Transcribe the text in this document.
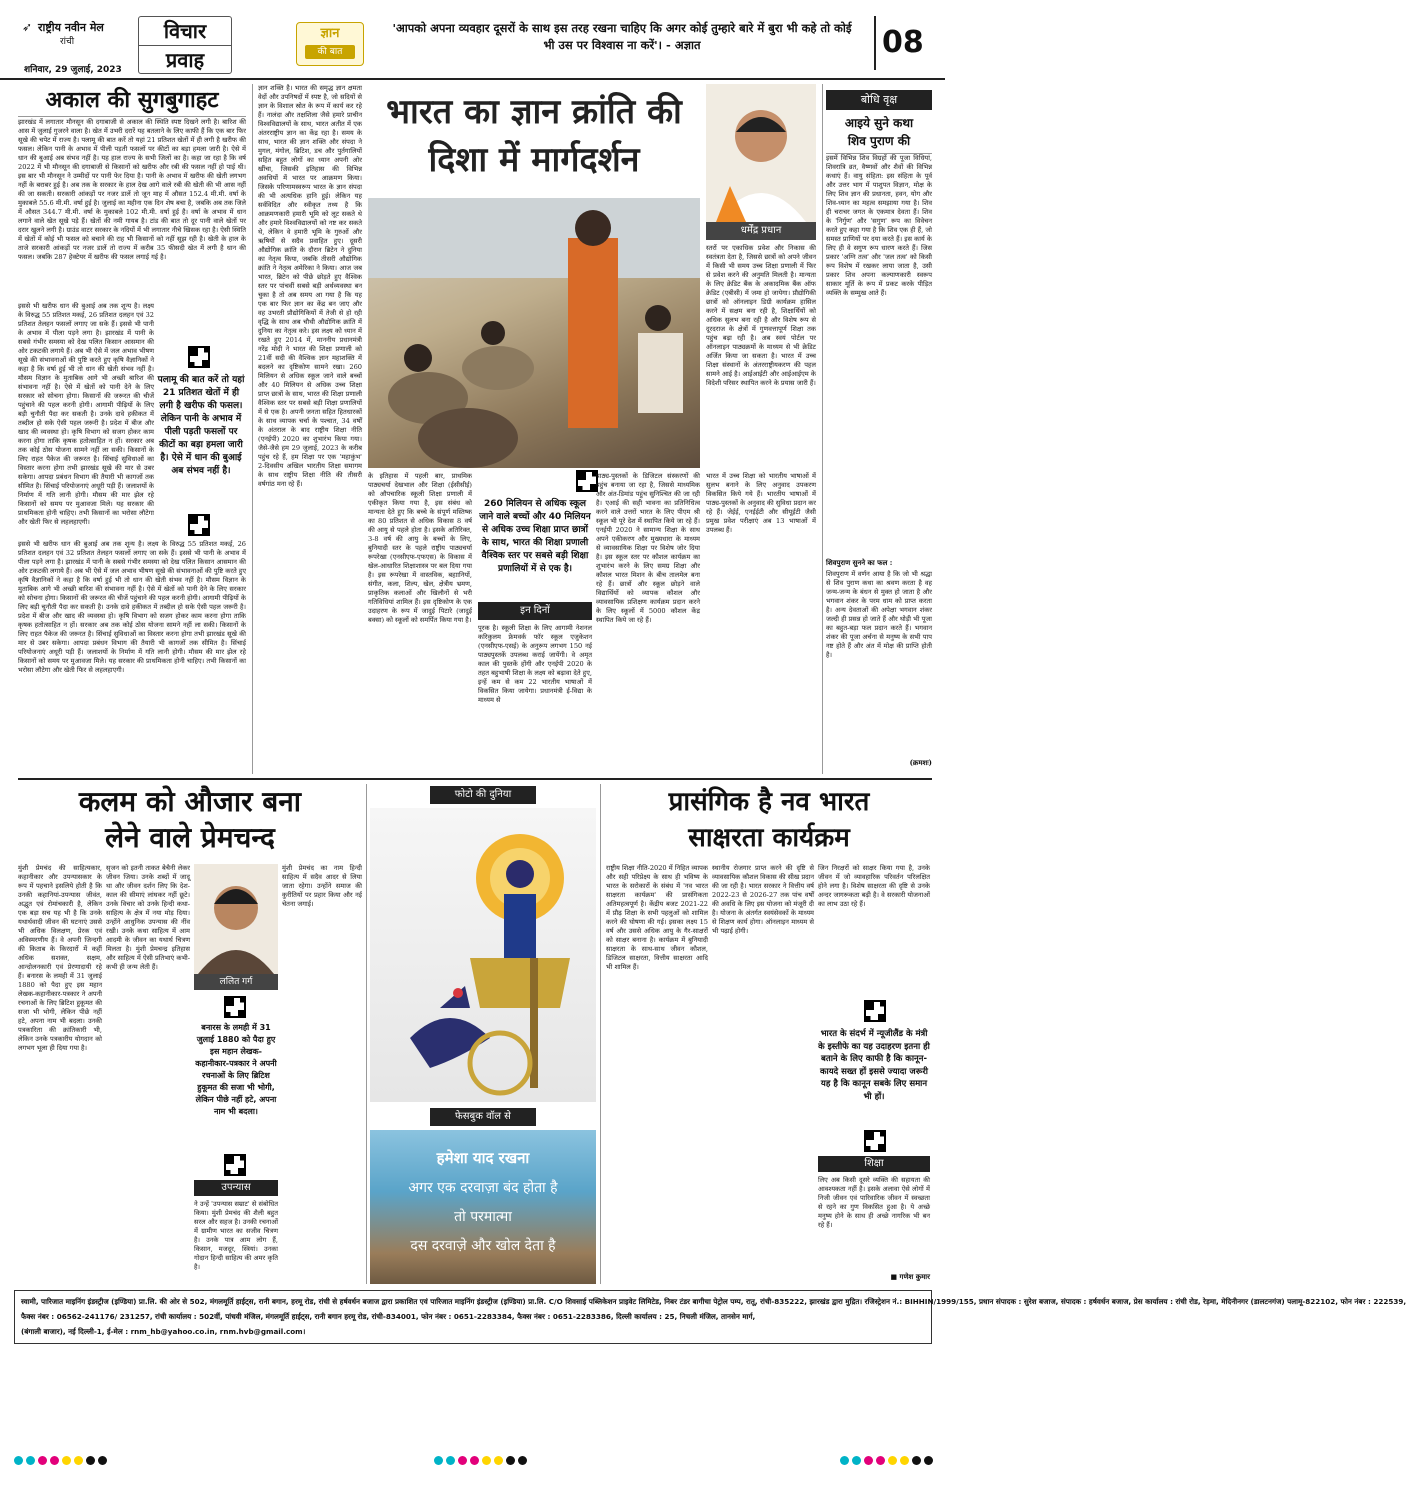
➶ राष्ट्रीय नवीन मेल
रांची
शनिवार, 29 जुलाई, 2023
विचार
प्रवाह
ज्ञान
की बात
'आपको अपना व्यवहार दूसरों के साथ इस तरह रखना चाहिए कि अगर कोई तुम्हारे बारे में बुरा भी कहे तो कोई भी उस पर विश्वास ना करें'। - अज्ञात	08
अकाल की सुगबुगाहट
झारखंड में लगातार मौनसून की दगाबाजी से अकाल की स्थिति स्पष्ट दिखने लगी है। बारिश की आस में जुलाई गुजरने वाला है। खेत में उभरी दरारें यह बतलाने के लिए काफी हैं कि एक बार फिर सूखे की चपेट में राज्य है। पलामू की बात करें तो यहां 21 प्रतिशत खेतों में ही लगी है खरीफ की फसल। लेकिन पानी के अभाव में पीली पड़ती फसलों पर कीटों का बड़ा हमला जारी है। ऐसे में धान की बुआई अब संभव नहीं है। यह हाल राज्य के सभी जिलों का है। कहा जा रहा है कि वर्ष 2022 में भी मौनसून की दगाबाजी से किसानों को खरीफ और रबी की फसल नहीं हो पाई थी। इस बार भी मौनसून ने उम्मीदों पर पानी फेर दिया है। पानी के अभाव में खरीफ की खेती लगभग नहीं के बराबर हुई है। अब तक के सरकार के हाल देख आगे वाले रबी की खेती की भी आस नहीं की जा सकती। सरकारी आंकड़ों पर नजर डालें तो जून माह में औसत 152.4 मी.मी. वर्षा के मुकाबले 55.6 मी.मी. वर्षा हुई है। जुलाई का महीना एक दिन शेष बचा है, जबकि अब तक जिले में औसत 344.7 मी.मी. वर्षा के मुकाबले 102 मी.मी. वर्षा हुई है। वर्षा के अभाव में धान लगाने वाले खेत सूखे पड़े हैं। खेतों की नमी गायब है। टांड की बात तो दूर पानी वाले खेतों पर दरार खुलने लगी है। ग्राउंड वाटर सरकार के नदियों में भी लगातार नीचे खिसक रहा है। ऐसी स्थिति में खेतों में कोई भी फसल को बचाने की राह भी किसानों को नहीं सूझ रही है। खेती के हाल के ताजे सरकारी आंकड़ों पर नजर डालें तो राज्य में करीब 35 फीसदी खेत में लगी है धान की फसल। जबकि 287 हेक्टेयर में खरीफ की फसल लगाई गई है।
इससे भी खरीफ धान की बुआई अब तक शून्य है। लक्ष्य के विरुद्ध 55 प्रतिशत मकई, 26 प्रतिशत दलहन एवं 32 प्रतिशत तेलहन फसलों लगाए जा सके हैं। इससे भी पानी के अभाव में पीला पड़ने लगा है। झारखंड में पानी के सबसे गंभीर समस्या को देख पलित किसान आसमान की ओर टकटकी लगाये हैं। अब भी ऐसे में जल अभाव भीषण सूखे की संभावनाओं की पुष्टि करते हुए कृषि वैज्ञानिकों ने कहा है कि वर्षा हुई भी तो धान की खेती संभव नहीं है। मौसम विज्ञान के मुताबिक आगे भी अच्छी बारिश की संभावना नहीं है। ऐसे में खेतों को पानी देने के लिए सरकार को सोचना होगा। किसानों की जरूरत की चीजें पहुंचाने की पहल करनी होगी। आगामी पीढ़ियों के लिए बड़ी चुनौती पैदा कर सकती है। उनके दावे हकीकत में तब्दील हो सके ऐसी पहल जरूरी है। प्रदेश में बीज और खाद की व्यवस्था हो। कृषि विभाग को सजग होकर काम करना होगा ताकि कृषक हतोत्साहित न हों। सरकार अब तक कोई ठोस योजना सामने नहीं ला सकी। किसानों के लिए राहत पैकेज की जरूरत है। सिंचाई सुविधाओं का विस्तार करना होगा तभी झारखंड सूखे की मार से उबर सकेगा। आपदा प्रबंधन विभाग की तैयारी भी कागजों तक सीमित है। सिंचाई परियोजनाएं अधूरी पड़ी हैं। जलाशयों के निर्माण में गति लानी होगी। मौसम की मार झेल रहे किसानों को समय पर मुआवजा मिले। यह सरकार की प्राथमिकता होनी चाहिए। तभी किसानों का भरोसा लौटेगा और खेती फिर से लहलहाएगी।
पलामू की बात करें तो यहां 21 प्रतिशत खेतों में ही लगी है खरीफ की फसल। लेकिन पानी के अभाव में पीली पड़ती फसलों पर कीटों का बड़ा हमला जारी है। ऐसे में धान की बुआई अब संभव नहीं है।
इससे भी खरीफ धान की बुआई अब तक शून्य है। लक्ष्य के विरुद्ध 55 प्रतिशत मकई, 26 प्रतिशत दलहन एवं 32 प्रतिशत तेलहन फसलों लगाए जा सके हैं। इससे भी पानी के अभाव में पीला पड़ने लगा है। झारखंड में पानी के सबसे गंभीर समस्या को देख पलित किसान आसमान की ओर टकटकी लगाये हैं। अब भी ऐसे में जल अभाव भीषण सूखे की संभावनाओं की पुष्टि करते हुए कृषि वैज्ञानिकों ने कहा है कि वर्षा हुई भी तो धान की खेती संभव नहीं है। मौसम विज्ञान के मुताबिक आगे भी अच्छी बारिश की संभावना नहीं है। ऐसे में खेतों को पानी देने के लिए सरकार को सोचना होगा। किसानों की जरूरत की चीजें पहुंचाने की पहल करनी होगी। आगामी पीढ़ियों के लिए बड़ी चुनौती पैदा कर सकती है। उनके दावे हकीकत में तब्दील हो सके ऐसी पहल जरूरी है। प्रदेश में बीज और खाद की व्यवस्था हो। कृषि विभाग को सजग होकर काम करना होगा ताकि कृषक हतोत्साहित न हों। सरकार अब तक कोई ठोस योजना सामने नहीं ला सकी। किसानों के लिए राहत पैकेज की जरूरत है। सिंचाई सुविधाओं का विस्तार करना होगा तभी झारखंड सूखे की मार से उबर सकेगा। आपदा प्रबंधन विभाग की तैयारी भी कागजों तक सीमित है। सिंचाई परियोजनाएं अधूरी पड़ी हैं। जलाशयों के निर्माण में गति लानी होगी। मौसम की मार झेल रहे किसानों को समय पर मुआवजा मिले। यह सरकार की प्राथमिकता होनी चाहिए। तभी किसानों का भरोसा लौटेगा और खेती फिर से लहलहाएगी।
ज्ञान शक्ति है। भारत की समृद्ध ज्ञान क्षमता वेदों और उपनिषदों में स्पष्ट है, जो सदियों से ज्ञान के विशाल स्रोत के रूप में कार्य कर रहे हैं। नालंदा और तक्षशिला जैसे हमारे प्राचीन विश्वविद्यालयों के साथ, भारत अतीत में एक अंतरराष्ट्रीय ज्ञान का केंद्र रहा है। समय के साथ, भारत की ज्ञान शक्ति और संपदा ने मुगल, मंगोल, ब्रिटिश, डच और पुर्तगालियों सहित बहुत लोगों का ध्यान अपनी ओर खींचा, जिसकी इतिहास की विभिन्न अवधियों में भारत पर आक्रमण किया। जिसके परिणामस्वरूप भारत के ज्ञान संपदा की भी अत्यधिक हानि हुई। लेकिन यह सर्वविदित और स्वीकृत तथ्य है कि आक्रमणकारी हमारी भूमि को लूट सकते थे और हमारे विश्वविद्यालयों को नष्ट कर सकते थे, लेकिन वे हमारी भूमि के गुरुओं और ऋषियों से सदैव प्रवाहित हुए। दूसरी औद्योगिक क्रांति के दौरान ब्रिटेन ने दुनिया का नेतृत्व किया, जबकि तीसरी औद्योगिक क्रांति ने नेतृत्व अमेरिका ने किया। आज जब भारत, ब्रिटेन को पीछे छोड़ते हुए वैश्विक स्तर पर पांचवीं सबसे बड़ी अर्थव्यवस्था बन चुका है तो अब समय आ गया है कि यह एक बार फिर ज्ञान का केंद्र बन जाए और वह उभरती प्रौद्योगिकियों में तेजी से हो रही वृद्धि के साथ अब चौथी औद्योगिक क्रांति में दुनिया का नेतृत्व करे। इस लक्ष्य को ध्यान में रखते हुए 2014 में, माननीय प्रधानमंत्री नरेंद्र मोदी ने भारत की शिक्षा प्रणाली को 21वीं सदी की वैश्विक ज्ञान महाशक्ति में बदलने का दृष्टिकोण सामने रखा। 260 मिलियन से अधिक स्कूल जाने वाले बच्चों और 40 मिलियन से अधिक उच्च शिक्षा प्राप्त छात्रों के साथ, भारत की शिक्षा प्रणाली वैश्विक स्तर पर सबसे बड़ी शिक्षा प्रणालियों में से एक है। अपनी जनता सहित हितधारकों के साथ व्यापक चर्चा के पश्चात, 34 वर्षों के अंतराल के बाद राष्ट्रीय शिक्षा नीति (एनईपी) 2020 का शुभारंभ किया गया। जैसे-जैसे हम 29 जुलाई, 2023 के करीब पहुंच रहे हैं, हम शिक्षा पर एक 'महाकुंभ' 2-दिवसीय अखिल भारतीय शिक्षा समागम के साथ राष्ट्रीय शिक्षा नीति की तीसरी वर्षगांठ मना रहे हैं।
भारत का ज्ञान क्रांति की दिशा में मार्गदर्शन
धर्मेंद्र प्रधान
स्तरों पर एकाधिक प्रवेश और निकास की स्वतंत्रता देता है, जिससे छात्रों को अपने जीवन में किसी भी समय उच्च शिक्षा प्रणाली में फिर से प्रवेश करने की अनुमति मिलती है। मान्यता के लिए क्रेडिट बैंक के अकादमिक बैंक ऑफ क्रेडिट (एबीसी) में जमा हो जायेगा। प्रौद्योगिकी छात्रों को ऑनलाइन डिग्री कार्यक्रम हासिल करने में सक्षम बना रही है, शिक्षार्थियों को अधिक सुलभ बना रही है और विशेष रूप से दूरदराज के क्षेत्रों में गुणवत्तापूर्ण शिक्षा तक पहुंच बढ़ा रही है। अब स्वयं पोर्टल पर ऑनलाइन पाठ्यक्रमों के माध्यम से भी क्रेडिट अर्जित किया जा सकता है। भारत में उच्च शिक्षा संस्थानों के अंतरराष्ट्रीयकरण की पहल सामने आई है। आईआईटी और आईआईएम के विदेशी परिसर स्थापित करने के प्रयास जारी हैं।
के इतिहास में पहली बार, प्राथमिक पाठ्यचर्या देखभाल और शिक्षा (ईसीसीई) को औपचारिक स्कूली शिक्षा प्रणाली में एकीकृत किया गया है, इस संबंध को मान्यता देते हुए कि बच्चे के संपूर्ण मस्तिष्क का 80 प्रतिशत से अधिक विकास 8 वर्ष की आयु से पहले होता है। इसके अतिरिक्त, 3-8 वर्ष की आयु के बच्चों के लिए, बुनियादी स्तर के पहले राष्ट्रीय पाठ्यचर्या रूपरेखा (एनसीएफ-एफएस) के विकास में खेल-आधारित शिक्षाशास्त्र पर बल दिया गया है। इस रूपरेखा में वास्तविक, बहाानियों, संगीत, कला, शिल्प, खेल, क्षेत्रीय भ्रमण, प्राकृतिक कलाओं और खिलौनों से भरी गतिविधियां शामिल हैं। इस दृष्टिकोण के एक उदाहरण के रूप में जादुई पिटारे (जादुई बक्सा) को स्कूलों को समर्पित किया गया है।
260 मिलियन से अधिक स्कूल जाने वाले बच्चों और 40 मिलियन से अधिक उच्च शिक्षा प्राप्त छात्रों के साथ, भारत की शिक्षा प्रणाली वैश्विक स्तर पर सबसे बड़ी शिक्षा प्रणालियों में से एक है।
इन दिनों
पूरक है। स्कूली शिक्षा के लिए आगामी नेशनल करिकुलम फ्रेमवर्क फॉर स्कूल एजुकेशन (एनसीएफ-एसई) के अनुरूप लगभग 150 नई पाठ्यपुस्तकें उपलब्ध कराई जायेंगी। वे अमृत काल की पुस्तकें होंगी और एनईपी 2020 के तहत बहुभाषी शिक्षा के लक्ष्य को बढ़ावा देते हुए, इन्हें कम से कम 22 भारतीय भाषाओं में विकसित किया जायेगा। प्रधानमंत्री ई-विद्या के माध्यम से
पाठ्य-पुस्तकों के डिजिटल संस्करणों की पहुंच बनाया जा रहा है, जिससे माध्यमिक और अंत-डिमांड पहुंच सुनिश्चित की जा रही है। एआई की सही भावना का प्रतिनिधित्व करने वाले उत्तरों भारत के लिए पीएम श्री स्कूल भी पूरे देश में स्थापित किये जा रहे हैं। एनईपी 2020 ने सामान्य शिक्षा के साथ अपने एकीकरण और मुख्यधारा के माध्यम से व्यावसायिक शिक्षा पर विशेष जोर दिया है। इस स्कूल स्तर पर कौशल कार्यक्रम का शुभारंभ करने के लिए समग्र शिक्षा और कौशल भारत मिशन के बीच तालमेल बना रहे हैं। छात्रों और स्कूल छोड़ने वाले विद्यार्थियों को व्यापक कौशल और व्यावसायिक प्रशिक्षण कार्यक्रम प्रदान करने के लिए स्कूलों में 5000 कौशल केंद्र स्थापित किये जा रहे हैं।
भारत में उच्च शिक्षा को भारतीय भाषाओं में सुलभ बनाने के लिए अनुवाद उपकरण विकसित किये गये हैं। भारतीय भाषाओं में पाठ्य-पुस्तकों के अनुवाद की सुविधा प्रदान कर रहे हैं। जेईई, एनईईटी और सीयूईटी जैसी प्रमुख प्रवेश परीक्षाएं अब 13 भाषाओं में उपलब्ध हैं।
बोधि वृक्ष
आइये सुने कथा
शिव पुराण की
इसमें विभिन्न शिव विग्रहों की पूजा विधियां, शिवरात्रि व्रत, वैष्णवों और शैवों की विभिन्न कथाएं हैं। वायु संहिता: इस संहिता के पूर्व और उत्तर भाग में पाशुपत विज्ञान, मोक्ष के लिए शिव ज्ञान की प्रधानता, हवन, योग और शिव-ध्यान का महत्व समझाया गया है। शिव ही चराचर जगत के एकमात्र देवता हैं। शिव के 'निर्गुण' और 'सगुण' रूप का विवेचन करते हुए कहा गया है कि शिव एक ही हैं, जो समस्त प्राणियों पर दया करते हैं। इस कार्य के लिए ही वे सगुण रूप धारण करते हैं। जिस प्रकार 'अग्नि तत्व' और 'जल तत्व' को किसी रूप विशेष में रखकर लाया जाता है, उसी प्रकार शिव अपना कल्याणकारी स्वरूप साकार मूर्ति के रूप में प्रकट करके पीड़ित व्यक्ति के सम्मुख आते हैं।
शिवपुराण सुनने का फल :
शिवपुराण में वर्णन आया है कि जो भी श्रद्धा से शिव पुराण कथा का श्रवण करता है वह जन्म-जन्म के बंधन से मुक्त हो जाता है और भगवान शंकर के परम धाम को प्राप्त करता है। अन्य देवताओं की अपेक्षा भगवान शंकर जल्दी ही प्रसन्न हो जाते हैं और थोड़ी भी पूजा का बहुत-बड़ा फल प्रदान करते हैं। भगवान शंकर की पूजा अर्चना से मनुष्य के सभी पाप नष्ट होते हैं और अंत में मोक्ष की प्राप्ति होती है।
(क्रमशः)
कलम को औजार बना
लेने वाले प्रेमचन्द
मुंशी प्रेमचंद की साहित्यकार, कहानीकार और उपन्यासकार के रूप में पहचाने इसलिये होती है कि उनकी कहानियां-उपन्यास जीवंत, अद्भुत एवं रोमांचकारी है, लेकिन एक बड़ा सच यह भी है कि उनके यथार्थवादी जीवन की घटनाएं उससे भी अधिक विलक्षण, प्रेरक एवं अविस्मरणीय हैं। वे अपनी जिन्दगी की किताब के किरदारों में कहीं अधिक सशक्त, सक्षम, आन्दोलनकारी एवं प्रेरणादायी रहे हैं। बनारस के लमही में 31 जुलाई 1880 को पैदा हुए इस महान लेखक-कहानीकार-पत्रकार ने अपनी रचनाओं के लिए ब्रिटिश हुकूमत की सजा भी भोगी, लेकिन पीछे नहीं हटे, अपना नाम भी बदला। उनकी पत्रकारिता की क्रांतिकारी भी, लेकिन उनके पत्रकारीय योगदान को लगभग भूला ही दिया गया है।
सृजन को इतनी ताकत बेचैनी लेकर जीवन जिया। उनके शब्दों में जादू था और जीवन दर्शन लिए कि देश-काल की सीमाएं लांघकर नहीं छूटे। उनके विचार को उनके हिन्दी कथा-साहित्य के क्षेत्र में नया मोड़ दिया। उन्होंने आधुनिक उपन्यास की नींव रखी। उनके कथा साहित्य में आम आदमी के जीवन का यथार्थ चित्रण मिलता है। मुंशी प्रेमचन्द्र इतिहास और साहित्य में ऐसी प्रतिभाएं कभी-कभी ही जन्म लेती हैं।
ललित गर्ग
बनारस के लमही में 31 जुलाई 1880 को पैदा हुए इस महान लेखक-कहानीकार-पत्रकार ने अपनी रचनाओं के लिए ब्रिटिश हुकूमत की सजा भी भोगी, लेकिन पीछे नहीं हटे, अपना नाम भी बदला।
उपन्यास
ने उन्हें 'उपन्यास सम्राट' से संबोधित किया। मुंशी प्रेमचंद की शैली बहुत सरल और सहज है। उनकी रचनाओं में ग्रामीण भारत का सजीव चित्रण है। उनके पात्र आम लोग हैं, किसान, मजदूर, स्त्रियां। उनका गोदान हिन्दी साहित्य की अमर कृति है।
मुंशी प्रेमचंद का नाम हिन्दी साहित्य में सदैव आदर से लिया जाता रहेगा। उन्होंने समाज की कुरीतियों पर प्रहार किया और नई चेतना जगाई।
फोटो की दुनिया
फेसबुक वॉल से
हमेशा याद रखना
अगर एक दरवाज़ा बंद होता है
तो परमात्मा
दस दरवाज़े और खोल देता है
प्रासंगिक है नव भारत
साक्षरता कार्यक्रम
राष्ट्रीय शिक्षा नीति-2020 में निहित व्यापक और सही परिप्रेक्ष्य के साथ ही भविष्य के भारत के सरोकारों के संबंध में 'नव भारत साक्षरता कार्यक्रम' की प्रासंगिकता अतिमहत्वपूर्ण है। केंद्रीय बजट 2021-22 में प्रौढ़ शिक्षा के सभी पहलुओं को शामिल करने की घोषणा की गई। इसका लक्ष्य 15 वर्ष और उससे अधिक आयु के गैर-साक्षरों को साक्षर बनाना है। कार्यक्रम में बुनियादी साक्षरता के साथ-साथ जीवन कौशल, डिजिटल साक्षरता, वित्तीय साक्षरता आदि भी शामिल हैं।
स्थानीय रोजगार प्राप्त करने की दृष्टि से व्यावसायिक कौशल विकास की सीख प्रदान की जा रही है। भारत सरकार ने वित्तीय वर्ष 2022-23 से 2026-27 तक पांच वर्षों की अवधि के लिए इस योजना को मंजूरी दी है। योजना के अंतर्गत स्वयंसेवकों के माध्यम से शिक्षण कार्य होगा। ऑनलाइन माध्यम से भी पढ़ाई होगी।
जिन निरक्षरों को साक्षर किया गया है, उनके जीवन में जो व्यावहारिक परिवर्तन परिलक्षित होने लगा है। विशेष साक्षरता की दृष्टि से उनके अन्दर जागरूकता बढ़ी है। वे सरकारी योजनाओं का लाभ उठा रहे हैं।
भारत के संदर्भ में न्यूजीलैंड के मंत्री के इस्तीफे का यह उदाहरण इतना ही बताने के लिए काफी है कि कानून-कायदे सख्त हों इससे ज्यादा जरूरी यह है कि कानून सबके लिए समान भी हों।
शिक्षा
लिए अब किसी दूसरे व्यक्ति की सहायता की आवश्यकता नहीं है। इसके अलावा ऐसे लोगों में निजी जीवन एवं पारिवारिक जीवन में स्वच्छता से रहने का गुण विकसित हुआ है। ये अच्छे मनुष्य होने के साथ ही अच्छे नागरिक भी बन रहे हैं।
■ गणेश कुमार
स्वामी, पारिजात माइनिंग इंडस्ट्रीज (इण्डिया) प्रा.लि. की ओर से 502, मंगलमूर्ति हाईट्स, रानी बगान, हरमू रोड, रांची से हर्षवर्धन बजाज द्वारा प्रकाशित एवं पारिजात माइनिंग इंडस्ट्रीज (इण्डिया) प्रा.लि. C/O शिवसाई पब्लिकेशन प्राइवेट लिमिटेड, निबर टंडर बागीचा पेट्रोल पम्प, रातू, रांची-835222, झारखंड द्वारा मुद्रित। रजिस्ट्रेशन नं.: BIHHIN/1999/155, प्रधान संपादक : सुरेश बजाज, संपादक : हर्षवर्धन बजाज, प्रेस कार्यालय : रांची रोड, रेड़मा, मेदिनीनगर (डालटनगंज) पलामू-822102, फोन नंबर : 222539,
फैक्स नंबर : 06562-241176/ 231257, रांची कार्यालय : 502वीं, पांचवी मंजिल, मंगलमूर्ति हाईट्स, रानी बगान हरमू रोड, रांची-834001, फोन नंबर : 0651-2283384, फैक्स नंबर : 0651-2283386, दिल्ली कार्यालय : 25, निचली मंजिल, तानसेन मार्ग,
(बंगाली बाजार), नई दिल्ली-1, ई-मेल : rnm_hb@yahoo.co.in, rnm.hvb@gmail.com।
